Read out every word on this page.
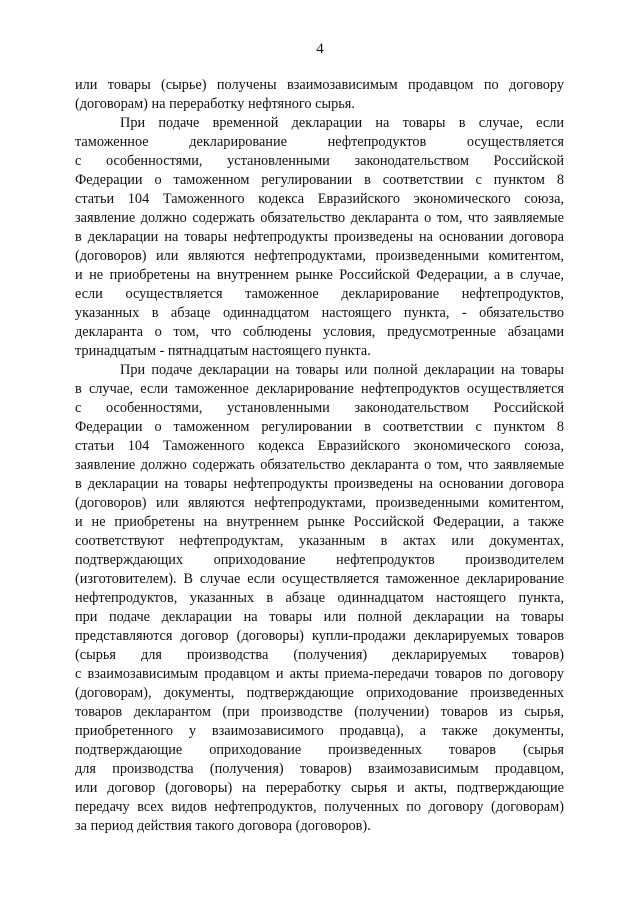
4
или товары (сырье) получены взаимозависимым продавцом по договору
(договорам) на переработку нефтяного сырья.
При подаче временной декларации на товары в случае, если
таможенное декларирование нефтепродуктов осуществляется
с особенностями, установленными законодательством Российской
Федерации о таможенном регулировании в соответствии с пунктом 8
статьи 104 Таможенного кодекса Евразийского экономического союза,
заявление должно содержать обязательство декларанта о том, что заявляемые
в декларации на товары нефтепродукты произведены на основании договора
(договоров) или являются нефтепродуктами, произведенными комитентом,
и не приобретены на внутреннем рынке Российской Федерации, а в случае,
если осуществляется таможенное декларирование нефтепродуктов,
указанных в абзаце одиннадцатом настоящего пункта, - обязательство
декларанта о том, что соблюдены условия, предусмотренные абзацами
тринадцатым - пятнадцатым настоящего пункта.
При подаче декларации на товары или полной декларации на товары
в случае, если таможенное декларирование нефтепродуктов осуществляется
с особенностями, установленными законодательством Российской
Федерации о таможенном регулировании в соответствии с пунктом 8
статьи 104 Таможенного кодекса Евразийского экономического союза,
заявление должно содержать обязательство декларанта о том, что заявляемые
в декларации на товары нефтепродукты произведены на основании договора
(договоров) или являются нефтепродуктами, произведенными комитентом,
и не приобретены на внутреннем рынке Российской Федерации, а также
соответствуют нефтепродуктам, указанным в актах или документах,
подтверждающих оприходование нефтепродуктов производителем
(изготовителем). В случае если осуществляется таможенное декларирование
нефтепродуктов, указанных в абзаце одиннадцатом настоящего пункта,
при подаче декларации на товары или полной декларации на товары
представляются договор (договоры) купли-продажи декларируемых товаров
(сырья для производства (получения) декларируемых товаров)
с взаимозависимым продавцом и акты приема-передачи товаров по договору
(договорам), документы, подтверждающие оприходование произведенных
товаров декларантом (при производстве (получении) товаров из сырья,
приобретенного у взаимозависимого продавца), а также документы,
подтверждающие оприходование произведенных товаров (сырья
для производства (получения) товаров) взаимозависимым продавцом,
или договор (договоры) на переработку сырья и акты, подтверждающие
передачу всех видов нефтепродуктов, полученных по договору (договорам)
за период действия такого договора (договоров).
